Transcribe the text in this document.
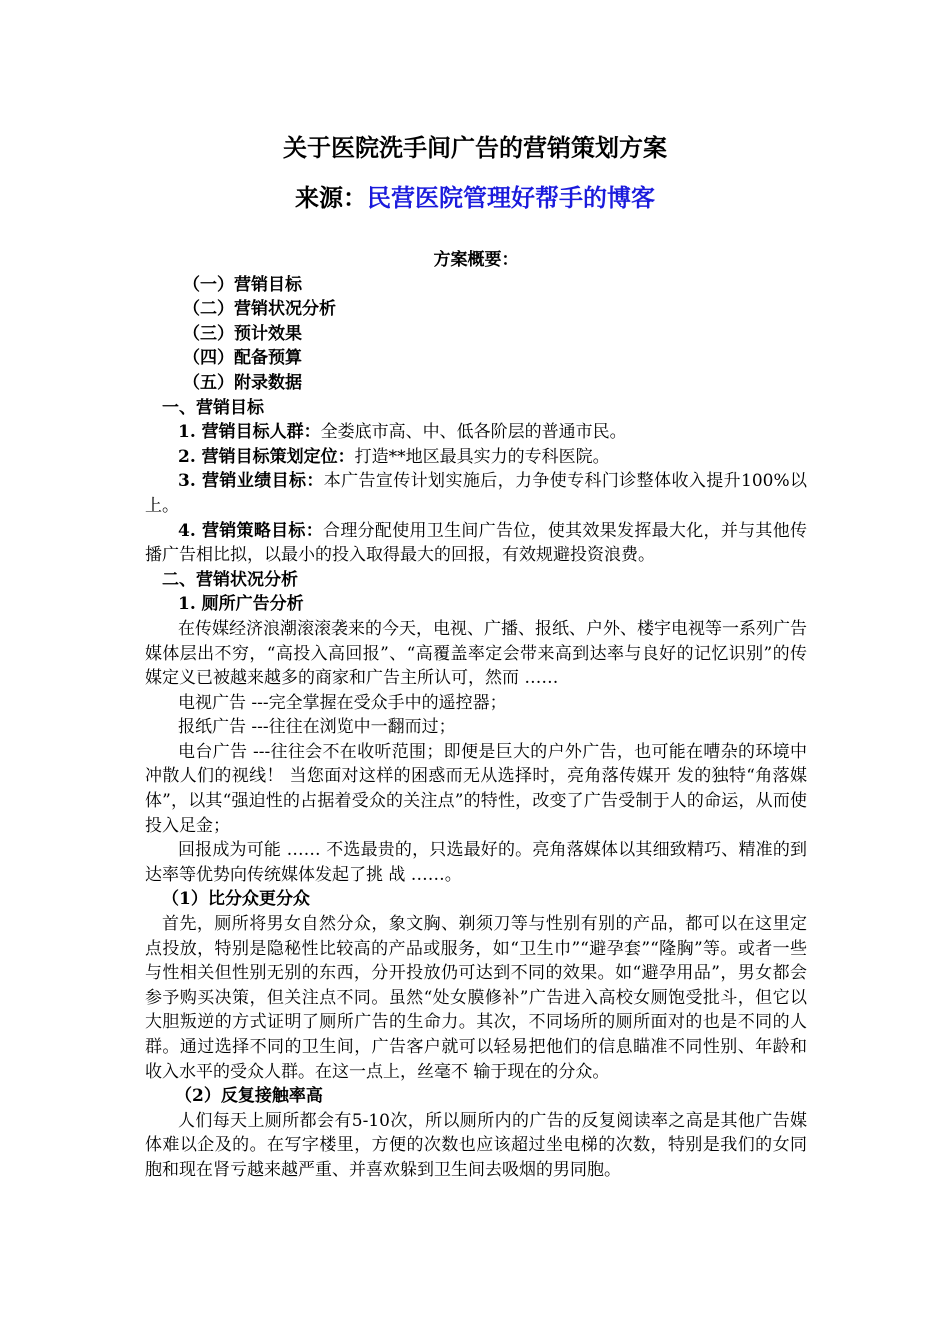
关于医院洗手间广告的营销策划方案
来源：民营医院管理好帮手的博客
方案概要：
（一）营销目标
（二）营销状况分析
（三）预计效果
（四）配备预算
（五）附录数据
一、营销目标

1. 营销目标人群：全娄底市高、中、低各阶层的普通市民。

2. 营销目标策划定位：打造**地区最具实力的专科医院。

3. 营销业绩目标：本广告宣传计划实施后，力争使专科门诊整体收入提升100%以上。

4. 营销策略目标：合理分配使用卫生间广告位，使其效果发挥最大化，并与其他传播广告相比拟，以最小的投入取得最大的回报，有效规避投资浪费。

二、营销状况分析
1. 厕所广告分析

在传媒经济浪潮滚滚袭来的今天，电视、广播、报纸、户外、楼宇电视等一系列广告媒体层出不穷，“高投入高回报”、“高覆盖率定会带来高到达率与良好的记忆识别”的传媒定义已被越来越多的商家和广告主所认可，然而 ……

电视广告 ---完全掌握在受众手中的遥控器；

报纸广告 ---往往在浏览中一翻而过；

电台广告 ---往往会不在收听范围；即便是巨大的户外广告，也可能在嘈杂的环境中冲散人们的视线！ 当您面对这样的困惑而无从选择时，亮角落传媒开 发的独特“角落媒体”，以其“强迫性的占据着受众的关注点”的特性，改变了广告受制于人的命运，从而使投入足金；

回报成为可能 …… 不选最贵的，只选最好的。亮角落媒体以其细致精巧、精准的到达率等优势向传统媒体发起了挑 战 ……。

（1）比分众更分众

首先，厕所将男女自然分众，象文胸、剃须刀等与性别有别的产品，都可以在这里定点投放，特别是隐秘性比较高的产品或服务，如“卫生巾”“避孕套”“隆胸”等。或者一些与性相关但性别无别的东西，分开投放仍可达到不同的效果。如“避孕用品”，男女都会参予购买决策，但关注点不同。虽然“处女膜修补”广告进入高校女厕饱受批斗，但它以大胆叛逆的方式证明了厕所广告的生命力。其次，不同场所的厕所面对的也是不同的人群。通过选择不同的卫生间，广告客户就可以轻易把他们的信息瞄准不同性别、年龄和收入水平的受众人群。在这一点上，丝毫不 输于现在的分众。

（2）反复接触率高

人们每天上厕所都会有5-10次，所以厕所内的广告的反复阅读率之高是其他广告媒体难以企及的。在写字楼里，方便的次数也应该超过坐电梯的次数，特别是我们的女同胞和现在肾亏越来越严重、并喜欢躲到卫生间去吸烟的男同胞。
